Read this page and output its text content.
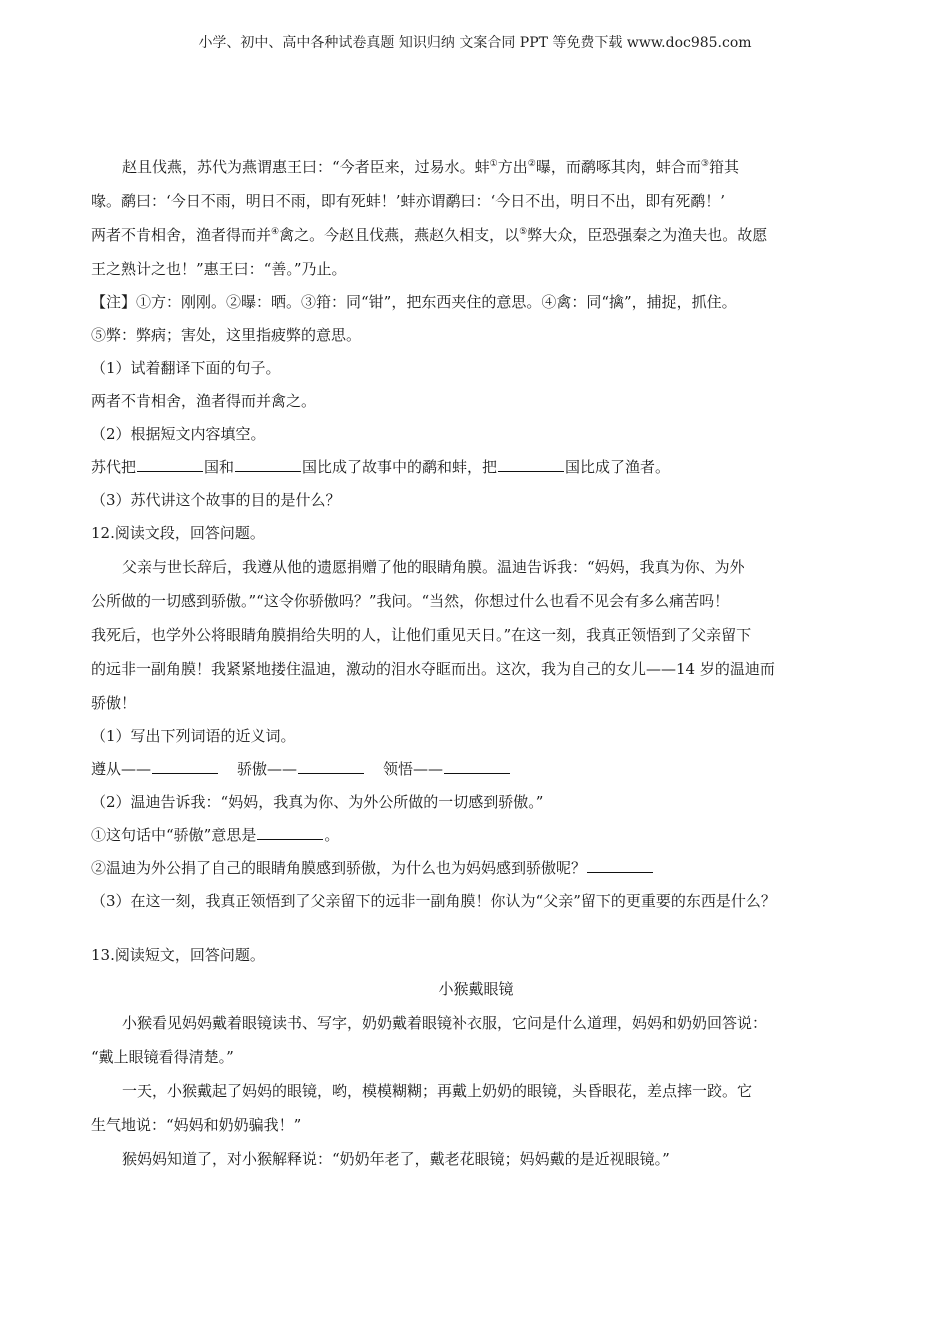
小学、初中、高中各种试卷真题 知识归纳 文案合同 PPT 等免费下载 www.doc985.com
赵且伐燕，苏代为燕谓惠王曰：“今者臣来，过易水。蚌①方出②曝，而鹬啄其肉，蚌合而③箝其
喙。鹬曰：‘今日不雨，明日不雨，即有死蚌！’蚌亦谓鹬曰：‘今日不出，明日不出，即有死鹬！’
两者不肯相舍，渔者得而并④禽之。今赵且伐燕，燕赵久相支，以⑤弊大众，臣恐强秦之为渔夫也。故愿
王之熟计之也！”惠王曰：“善。”乃止。
【注】①方：刚刚。②曝：晒。③箝：同“钳”，把东西夹住的意思。④禽：同“擒”，捕捉，抓住。
⑤弊：弊病；害处，这里指疲弊的意思。
（1）试着翻译下面的句子。
两者不肯相舍，渔者得而并禽之。
（2）根据短文内容填空。
苏代把	国和	国比成了故事中的鹬和蚌，把	国比成了渔者。
（3）苏代讲这个故事的目的是什么？
12.阅读文段，回答问题。
父亲与世长辞后，我遵从他的遗愿捐赠了他的眼睛角膜。温迪告诉我：“妈妈，我真为你、为外
公所做的一切感到骄傲。”“这令你骄傲吗？”我问。“当然，你想过什么也看不见会有多么痛苦吗！
我死后，也学外公将眼睛角膜捐给失明的人，让他们重见天日。”在这一刻，我真正领悟到了父亲留下
的远非一副角膜！我紧紧地搂住温迪，激动的泪水夺眶而出。这次，我为自己的女儿——14 岁的温迪而
骄傲！
（1）写出下列词语的近义词。
遵从——	骄傲——	领悟——
（2）温迪告诉我：“妈妈，我真为你、为外公所做的一切感到骄傲。”
①这句话中“骄傲”意思是	。
②温迪为外公捐了自己的眼睛角膜感到骄傲，为什么也为妈妈感到骄傲呢？
（3）在这一刻，我真正领悟到了父亲留下的远非一副角膜！你认为“父亲”留下的更重要的东西是什么？
13.阅读短文，回答问题。
小猴戴眼镜
小猴看见妈妈戴着眼镜读书、写字，奶奶戴着眼镜补衣服，它问是什么道理，妈妈和奶奶回答说：
“戴上眼镜看得清楚。”
一天，小猴戴起了妈妈的眼镜，哟，模模糊糊；再戴上奶奶的眼镜，头昏眼花，差点摔一跤。它
生气地说：“妈妈和奶奶骗我！”
猴妈妈知道了，对小猴解释说：“奶奶年老了，戴老花眼镜；妈妈戴的是近视眼镜。”
